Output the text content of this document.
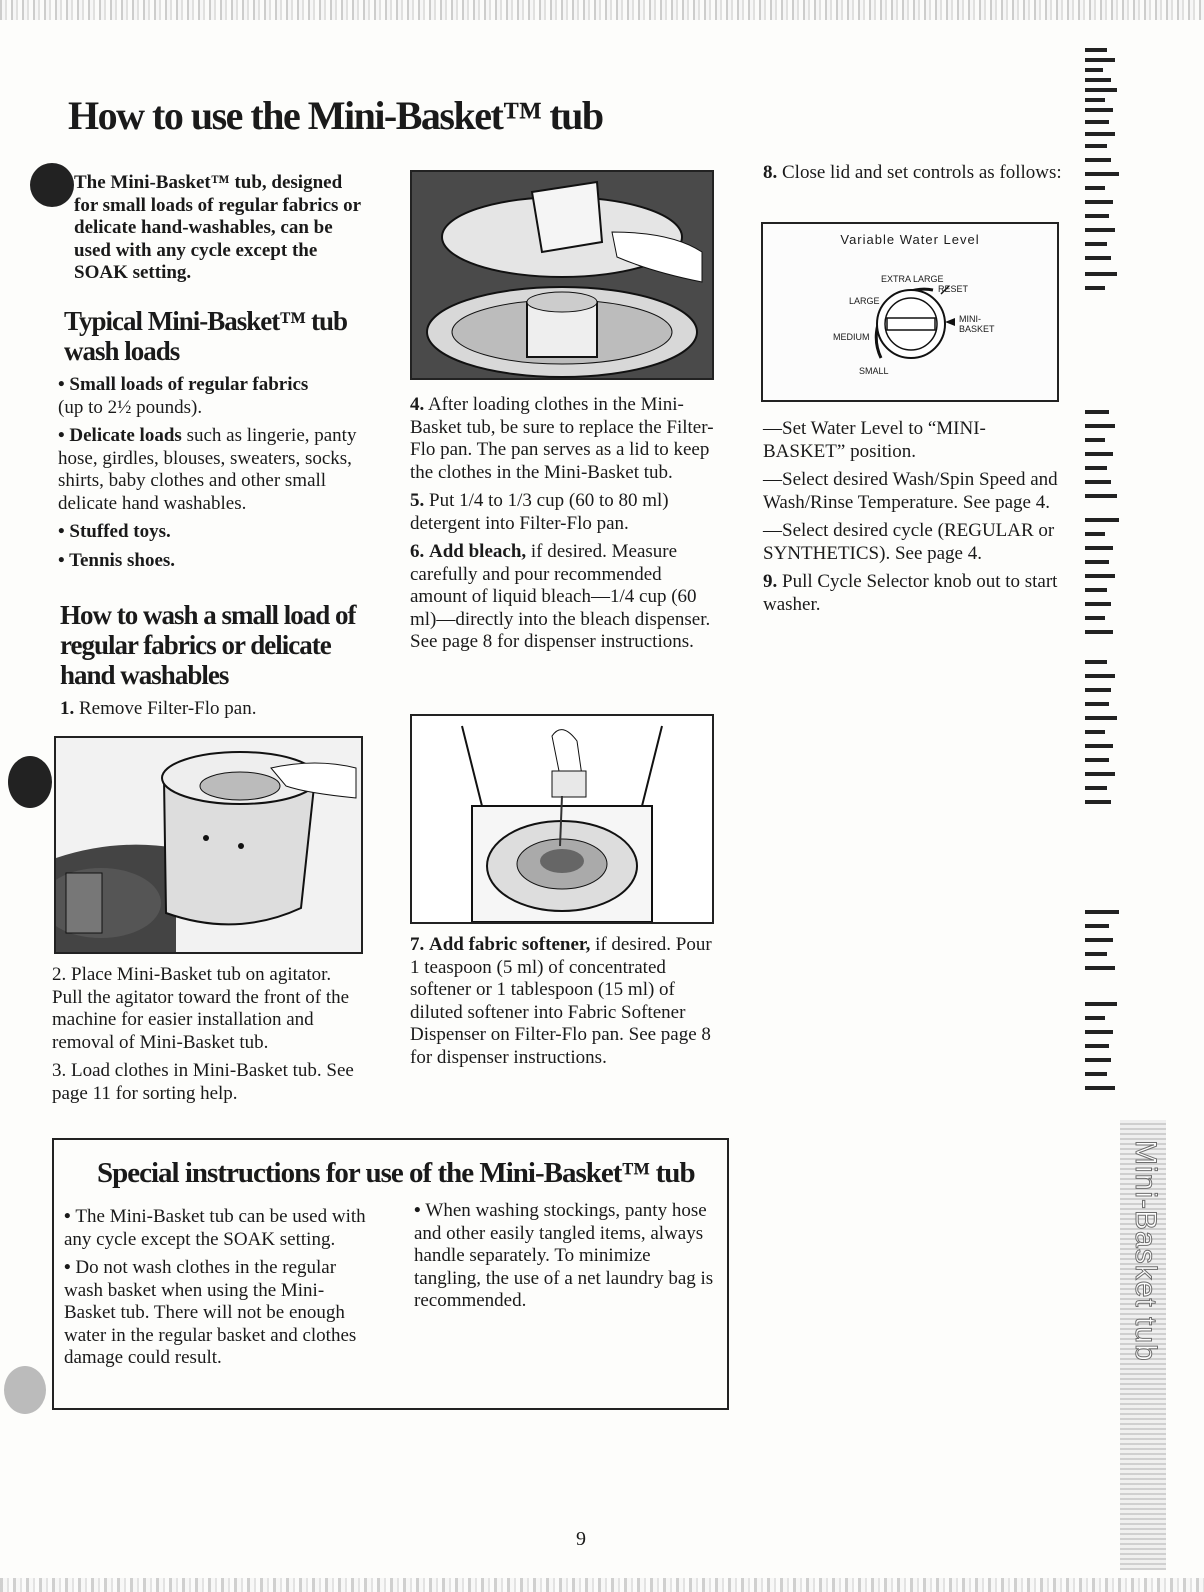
Mini-Basket tub
How to use the Mini-Basket™ tub

The Mini-Basket™ tub, designed for small loads of regular fabrics or delicate hand-washables, can be used with any cycle except the SOAK setting.

Typical Mini-Basket™ tub wash loads

• Small loads of regular fabrics
(up to 2½ pounds).

• Delicate loads such as lingerie, panty hose, girdles, blouses, sweaters, socks, shirts, baby clothes and other small delicate hand washables.

• Stuffed toys.

• Tennis shoes.

How to wash a small load of regular fabrics or delicate hand washables

1. Remove Filter-Flo pan.

2. Place Mini-Basket tub on agitator. Pull the agitator toward the front of the machine for easier installation and removal of Mini-Basket tub.

3. Load clothes in Mini-Basket tub. See page 11 for sorting help.

4. After loading clothes in the Mini-Basket tub, be sure to replace the Filter-Flo pan. The pan serves as a lid to keep the clothes in the Mini-Basket tub.

5. Put 1/4 to 1/3 cup (60 to 80 ml) detergent into Filter-Flo pan.

6. Add bleach, if desired. Measure carefully and pour recommended amount of liquid bleach—1/4 cup (60 ml)—directly into the bleach dispenser. See page 8 for dispenser instructions.

7. Add fabric softener, if desired. Pour 1 teaspoon (5 ml) of concentrated softener or 1 tablespoon (15 ml) of diluted softener into Fabric Softener Dispenser on Filter-Flo pan. See page 8 for dispenser instructions.

8. Close lid and set controls as follows:

Variable Water Level
EXTRA LARGE
RESET
LARGE
MEDIUM
MINI-
BASKET
SMALL

—Set Water Level to “MINI-BASKET” position.

—Select desired Wash/Spin Speed and Wash/Rinse Temperature. See page 4.

—Select desired cycle (REGULAR or SYNTHETICS). See page 4.

9. Pull Cycle Selector knob out to start washer.

Special instructions for use of the Mini-Basket™ tub

• The Mini-Basket tub can be used with any cycle except the SOAK setting.

• Do not wash clothes in the regular wash basket when using the Mini-Basket tub. There will not be enough water in the regular basket and clothes damage could result.

• When washing stockings, panty hose and other easily tangled items, always handle separately. To minimize tangling, the use of a net laundry bag is recommended.

9
